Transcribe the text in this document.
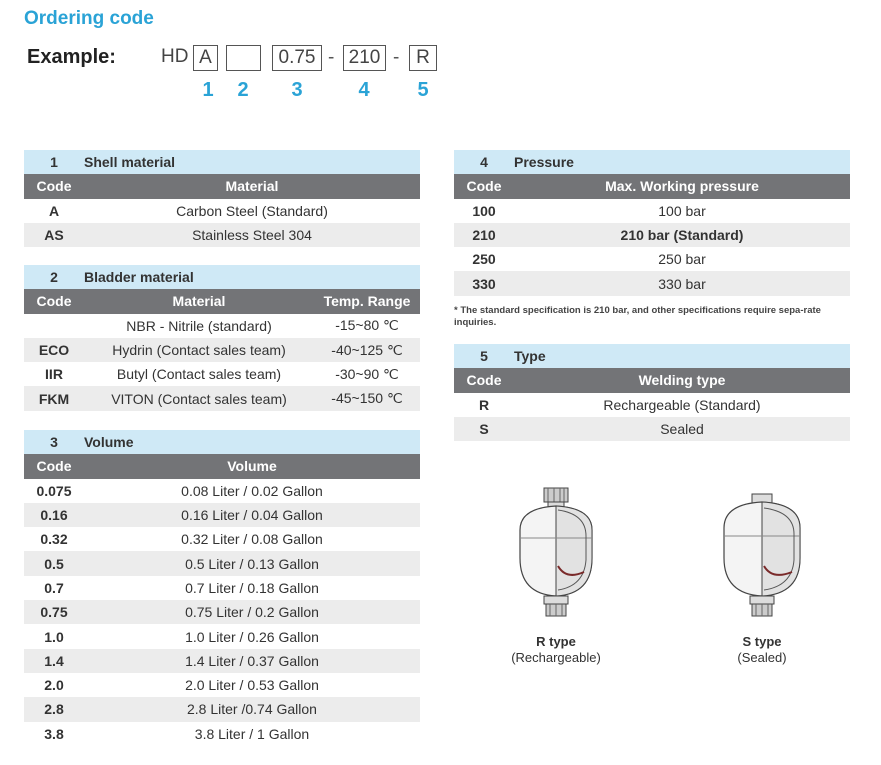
Ordering code
Example: HD A	0.75 - 210 - R
1	2	3	4	5
1	Shell material
Code	Material
A	Carbon Steel (Standard)
AS	Stainless Steel 304
2	Bladder material	
Code	Material	Temp. Range
	NBR - Nitrile (standard)	-15~80 ℃
ECO	Hydrin (Contact sales team)	-40~125 ℃
IIR	Butyl (Contact sales team)	-30~90 ℃
FKM	VITON (Contact sales team)	-45~150 ℃
3	Volume
Code	Volume
0.075	0.08 Liter / 0.02 Gallon
0.16	0.16 Liter / 0.04 Gallon
0.32	0.32 Liter / 0.08 Gallon
0.5	0.5 Liter / 0.13 Gallon
0.7	0.7 Liter / 0.18 Gallon
0.75	0.75 Liter / 0.2 Gallon
1.0	1.0 Liter / 0.26 Gallon
1.4	1.4 Liter / 0.37 Gallon
2.0	2.0 Liter / 0.53 Gallon
2.8	2.8 Liter /0.74 Gallon
3.8	3.8 Liter / 1 Gallon
4	Pressure
Code	Max. Working pressure
100	100 bar
210	210 bar (Standard)
250	250 bar
330	330 bar
* The standard specification is 210 bar, and other specifications require sepa-rate inquiries.
5	Type
Code	Welding type
R	Rechargeable (Standard)
S	Sealed
R type
(Rechargeable)
S type
(Sealed)
